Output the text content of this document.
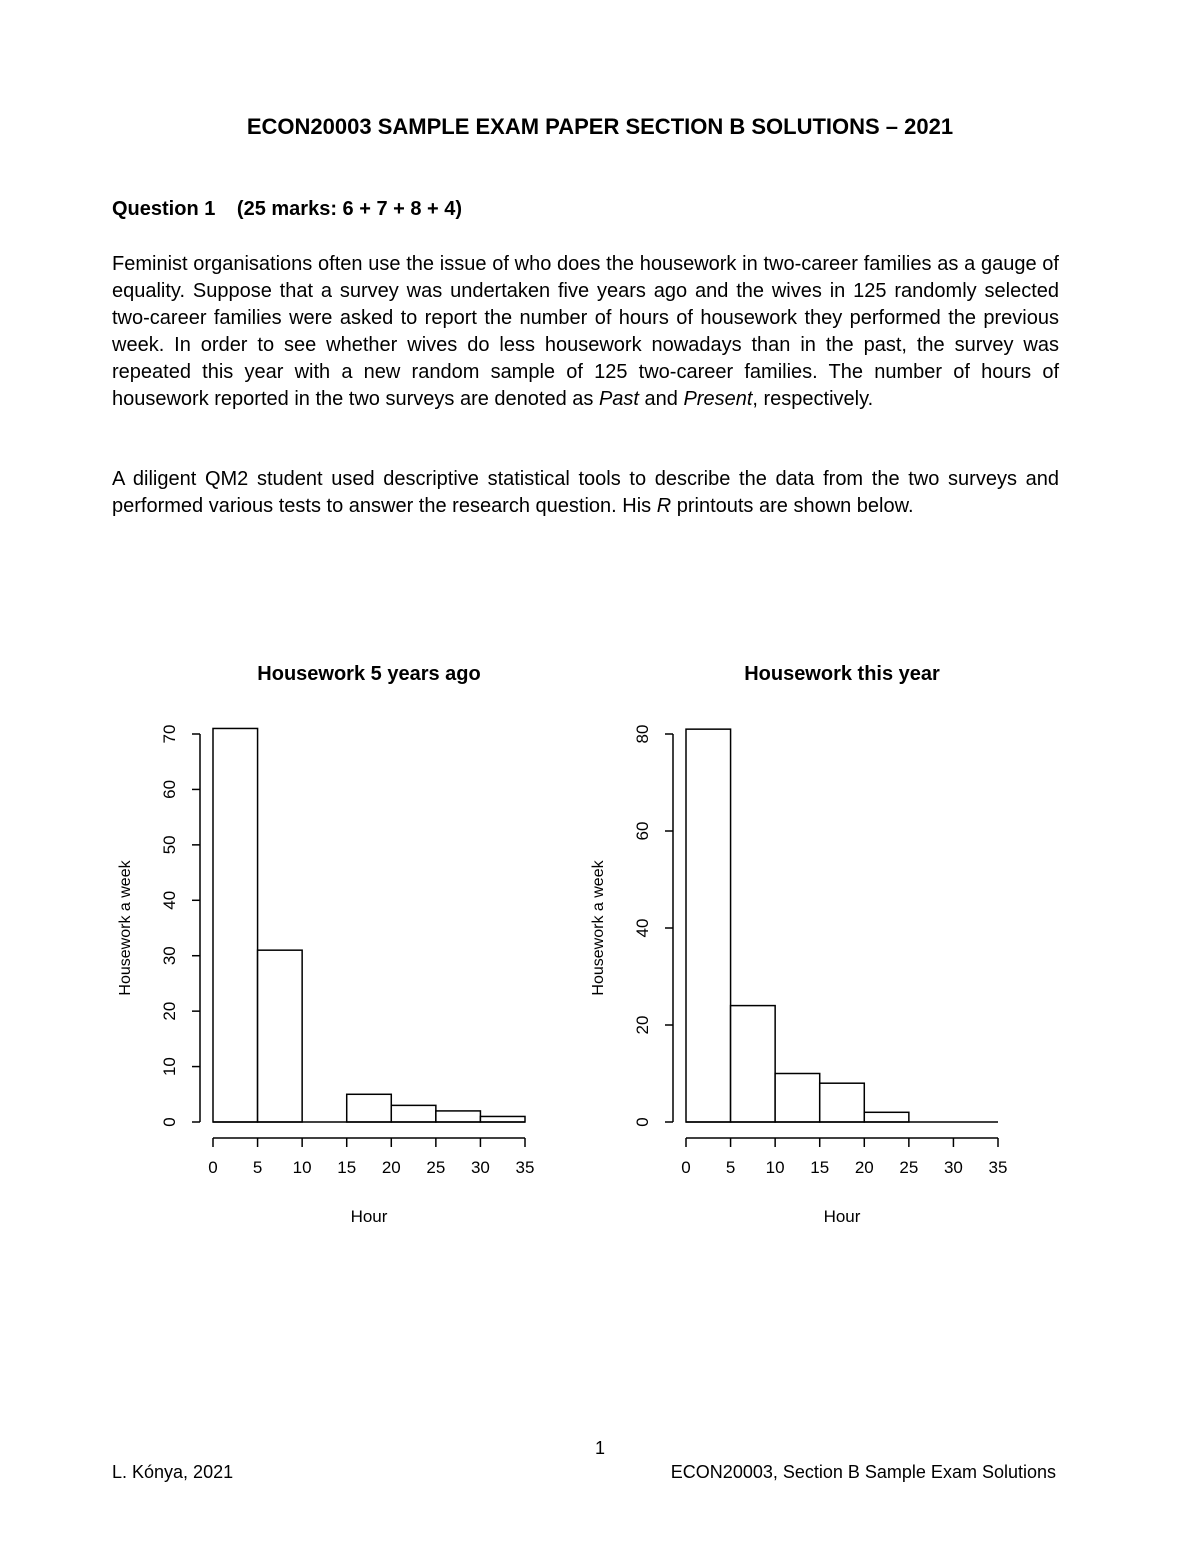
ECON20003 SAMPLE EXAM PAPER SECTION B SOLUTIONS – 2021

Question 1 (25 marks: 6 + 7 + 8 + 4)

Feminist organisations often use the issue of who does the housework in two-career families as a gauge of equality. Suppose that a survey was undertaken five years ago and the wives in 125 randomly selected two-career families were asked to report the number of hours of housework they performed the previous week. In order to see whether wives do less housework nowadays than in the past, the survey was repeated this year with a new random sample of 125 two-career families. The number of hours of housework reported in the two surveys are denoted as Past and Present, respectively.

A diligent QM2 student used descriptive statistical tools to describe the data from the two surveys and performed various tests to answer the research question. His R printouts are shown below.

Housework 5 years ago
0
10
20
30
40
50
60
70
Housework a week
0 5 10 15 20 25 30 35
Hour
Housework this year
0
20
40
60
80
Housework a week
0 5 10 15 20 25 30 35
Hour

1

L. Kónya, 2021	ECON20003, Section B Sample Exam Solutions
